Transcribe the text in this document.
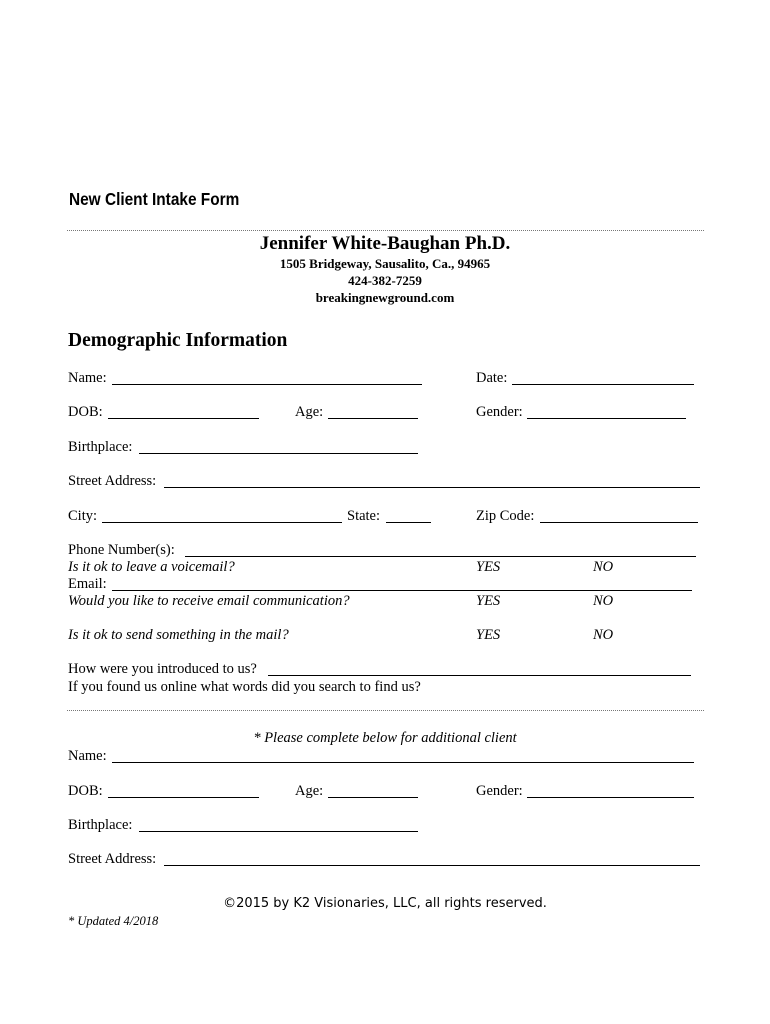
New Client Intake Form
Jennifer White-Baughan Ph.D.
1505 Bridgeway, Sausalito, Ca., 94965
424-382-7259
breakingnewground.com
Demographic Information
Name:	Date:
DOB:	Age:	Gender:
Birthplace:
Street Address:
City:	State:	Zip Code:
Phone Number(s):
Is it ok to leave a voicemail?	YES	NO
Email:
Would you like to receive email communication?	YES	NO
Is it ok to send something in the mail?	YES	NO
How were you introduced to us?
If you found us online what words did you search to find us?
* Please complete below for additional client
Name:
DOB:	Age:	Gender:
Birthplace:
Street Address:
©2015 by K2 Visionaries, LLC, all rights reserved.
* Updated 4/2018
